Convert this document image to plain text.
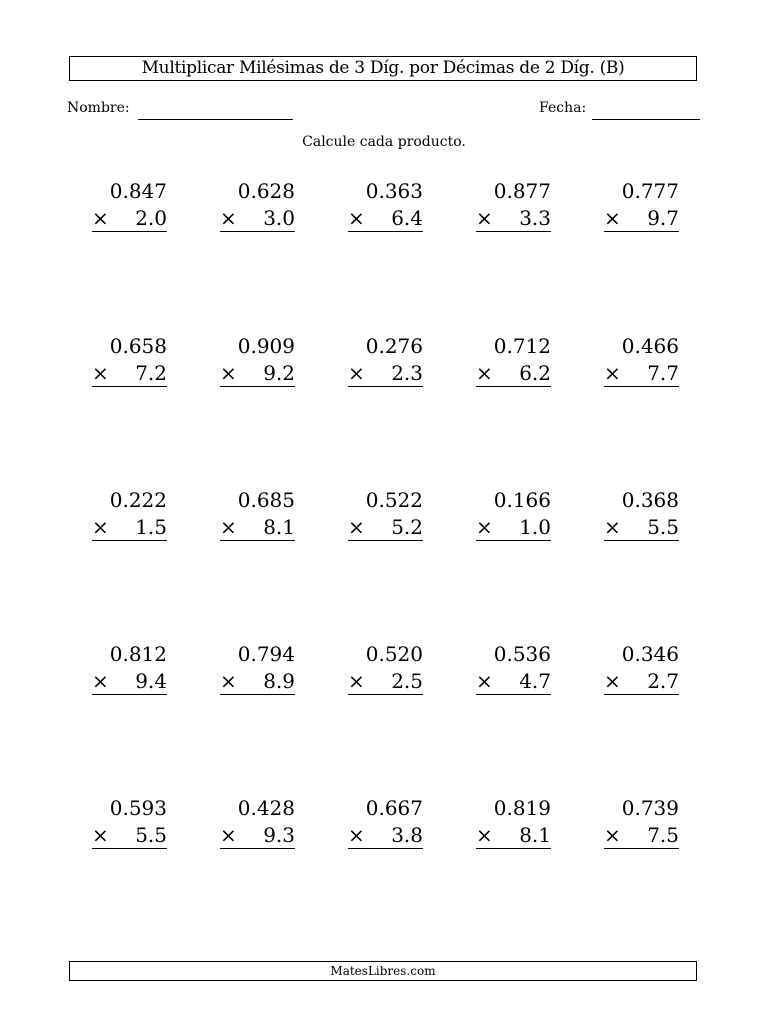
Multiplicar Milésimas de 3 Díg. por Décimas de 2 Díg. (B)
Nombre:	Fecha:
Calcule cada producto.
0.847
× 2.0
0.628
× 3.0
0.363
× 6.4
0.877
× 3.3
0.777
× 9.7
0.658
× 7.2
0.909
× 9.2
0.276
× 2.3
0.712
× 6.2
0.466
× 7.7
0.222
× 1.5
0.685
× 8.1
0.522
× 5.2
0.166
× 1.0
0.368
× 5.5
0.812
× 9.4
0.794
× 8.9
0.520
× 2.5
0.536
× 4.7
0.346
× 2.7
0.593
× 5.5
0.428
× 9.3
0.667
× 3.8
0.819
× 8.1
0.739
× 7.5
MatesLibres.com
